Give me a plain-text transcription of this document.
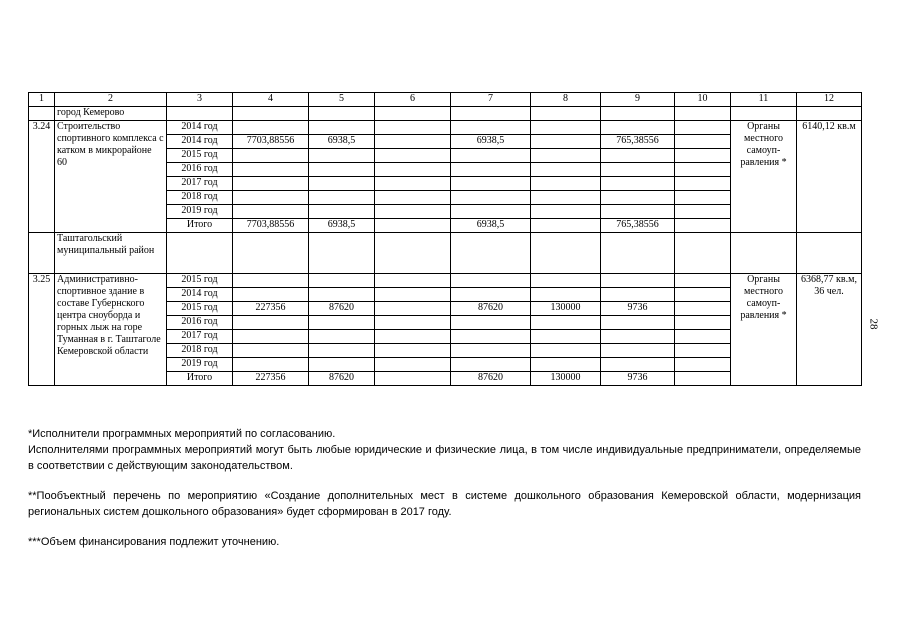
1	2	3	4	5	6	7	8	9	10	11	12
	город Кемерово										
3.24	Строительство спортивного комплекса с катком в микрорайоне 60	2014 год								Органы местного самоуп-равления *	6140,12 кв.м
		2014 год	7703,88556	6938,5		6938,5		765,38556			
		2015 год									
		2016 год									
		2017 год									
		2018 год									
		2019 год									
		Итого	7703,88556	6938,5		6938,5		765,38556			
	Таштагольский муниципальный район										
3.25	Административно-спортивное здание в составе Губернского центра сноуборда и горных лыж на горе Туманная в г. Таштаголе Кемеровской области	2015 год								Органы местного самоуп-равления *	6368,77 кв.м, 36 чел.
		2014 год									
		2015 год	227356	87620		87620	130000	9736			
		2016 год									
		2017 год									
		2018 год									
		2019 год									
		Итого	227356	87620		87620	130000	9736			

*Исполнители программных мероприятий по согласованию.

Исполнителями программных мероприятий могут быть любые юридические и физические лица, в том числе индивидуальные предприниматели, определяемые в соответствии с действующим законодательством.

**Пообъектный перечень по мероприятию «Создание дополнительных мест в системе дошкольного образования Кемеровской области, модернизация региональных систем дошкольного образования» будет сформирован в 2017 году.

***Объем финансирования подлежит уточнению.

28
